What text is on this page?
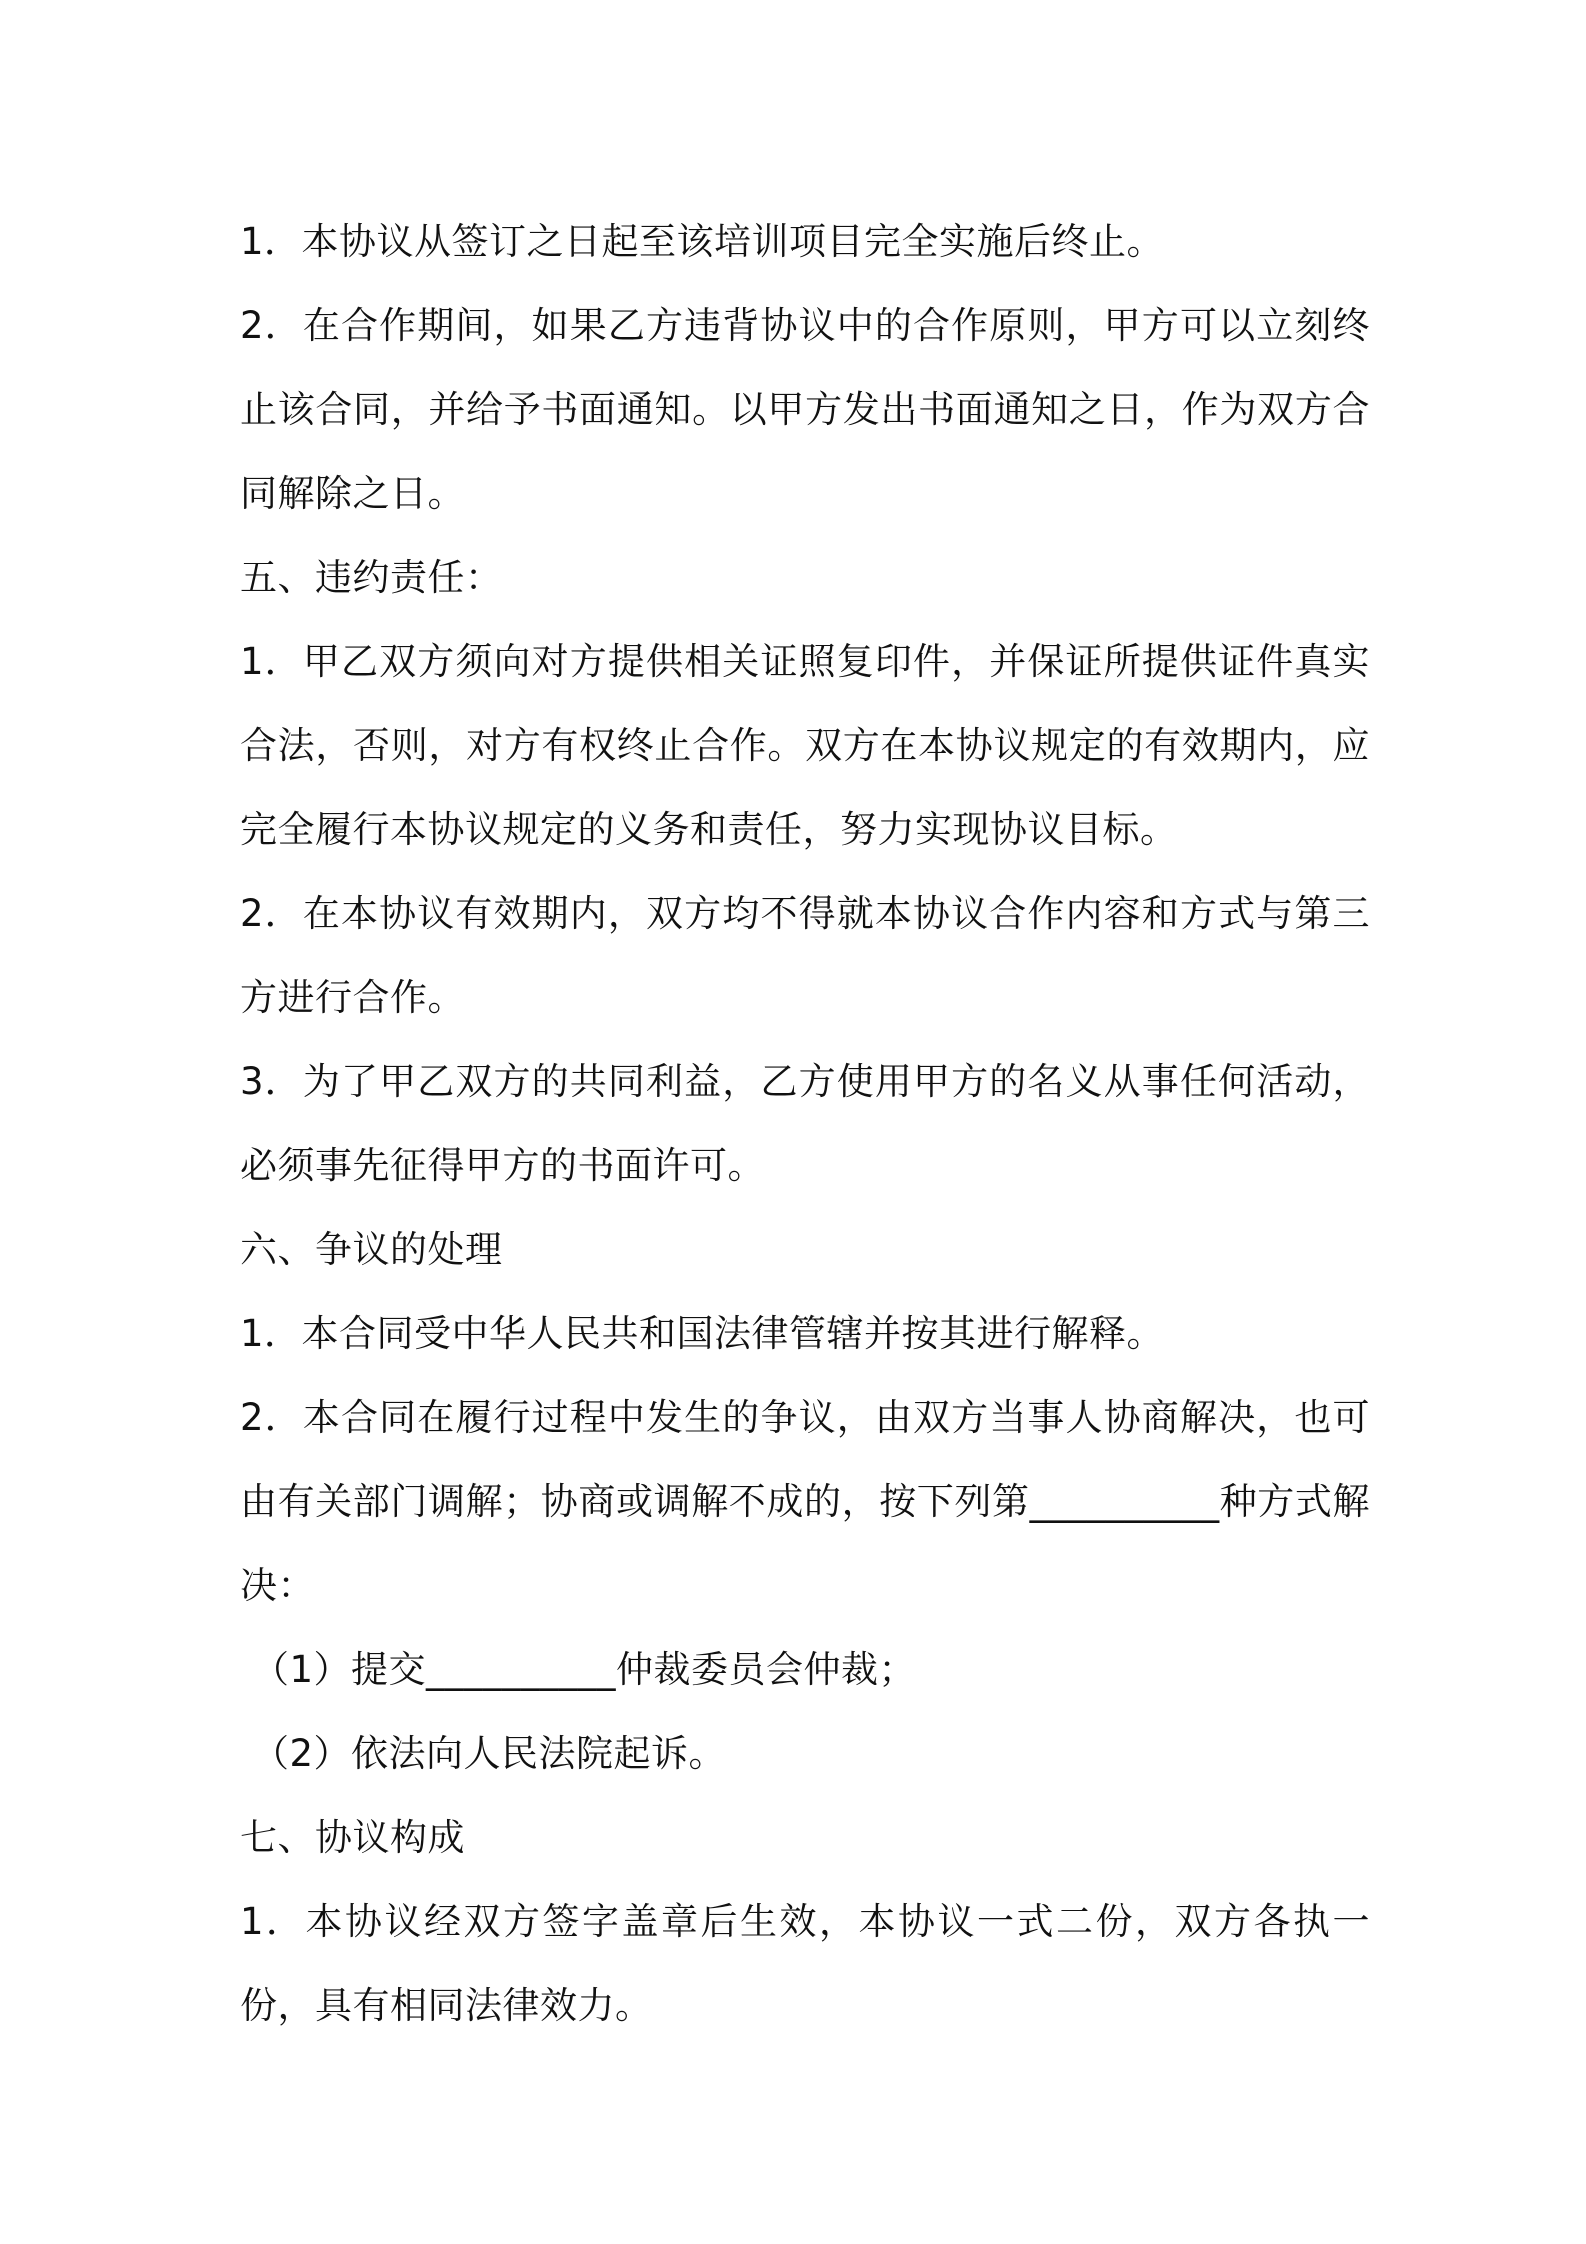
1．本协议从签订之日起至该培训项目完全实施后终止。

2．在合作期间，如果乙方违背协议中的合作原则，甲方可以立刻终止该合同，并给予书面通知。以甲方发出书面通知之日，作为双方合同解除之日。

五、违约责任：

1．甲乙双方须向对方提供相关证照复印件，并保证所提供证件真实合法，否则，对方有权终止合作。双方在本协议规定的有效期内，应完全履行本协议规定的义务和责任，努力实现协议目标。

2．在本协议有效期内，双方均不得就本协议合作内容和方式与第三方进行合作。

3．为了甲乙双方的共同利益，乙方使用甲方的名义从事任何活动，必须事先征得甲方的书面许可。

六、争议的处理

1．本合同受中华人民共和国法律管辖并按其进行解释。

2．本合同在履行过程中发生的争议，由双方当事人协商解决，也可由有关部门调解；协商或调解不成的，按下列第__________种方式解决：

（1）提交__________仲裁委员会仲裁；

（2）依法向人民法院起诉。

七、协议构成

1．本协议经双方签字盖章后生效，本协议一式二份，双方各执一份，具有相同法律效力。
